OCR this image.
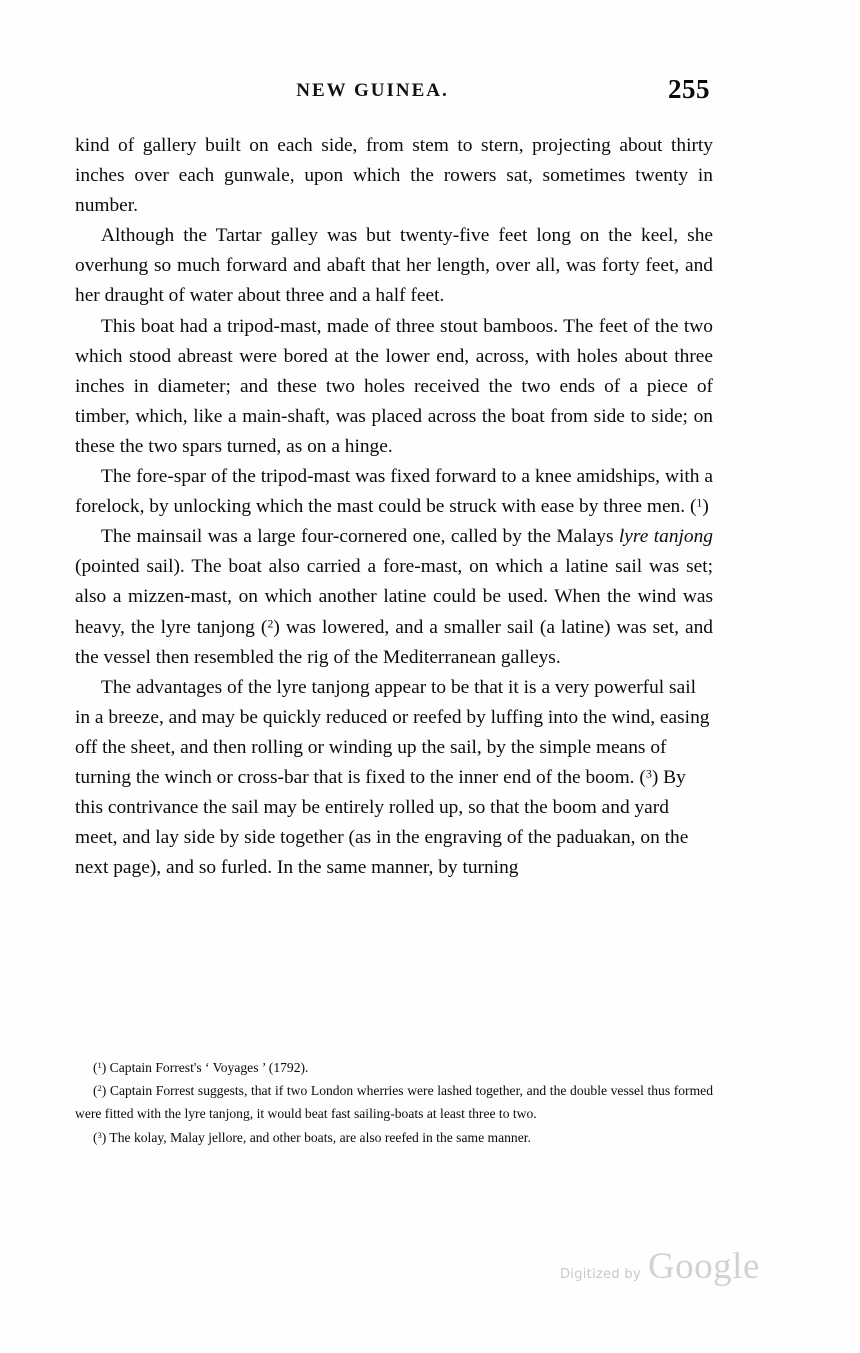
NEW GUINEA.	255

kind of gallery built on each side, from stem to stern, projecting about thirty inches over each gunwale, upon which the rowers sat, sometimes twenty in number.

Although the Tartar galley was but twenty-five feet long on the keel, she overhung so much forward and abaft that her length, over all, was forty feet, and her draught of water about three and a half feet.

This boat had a tripod-mast, made of three stout bamboos. The feet of the two which stood abreast were bored at the lower end, across, with holes about three inches in diameter; and these two holes received the two ends of a piece of timber, which, like a main-shaft, was placed across the boat from side to side; on these the two spars turned, as on a hinge.

The fore-spar of the tripod-mast was fixed forward to a knee amidships, with a forelock, by unlocking which the mast could be struck with ease by three men. ($^1$)

The mainsail was a large four-cornered one, called by the Malays lyre tanjong (pointed sail). The boat also carried a fore-mast, on which a latine sail was set; also a mizzen-mast, on which another latine could be used. When the wind was heavy, the lyre tanjong ($^2$) was lowered, and a smaller sail (a latine) was set, and the vessel then resembled the rig of the Mediterranean galleys.

The advantages of the lyre tanjong appear to be that it is a very powerful sail in a breeze, and may be quickly reduced or reefed by luffing into the wind, easing off the sheet, and then rolling or winding up the sail, by the simple means of turning the winch or cross-bar that is fixed to the inner end of the boom. ($^3$) By this contrivance the sail may be entirely rolled up, so that the boom and yard meet, and lay side by side together (as in the engraving of the paduakan, on the next page), and so furled. In the same manner, by turning

($^1$) Captain Forrest's ‘ Voyages ’ (1792).

($^2$) Captain Forrest suggests, that if two London wherries were lashed together, and the double vessel thus formed were fitted with the lyre tanjong, it would beat fast sailing-boats at least three to two.

($^3$) The kolay, Malay jellore, and other boats, are also reefed in the same manner.

Digitized by Google
